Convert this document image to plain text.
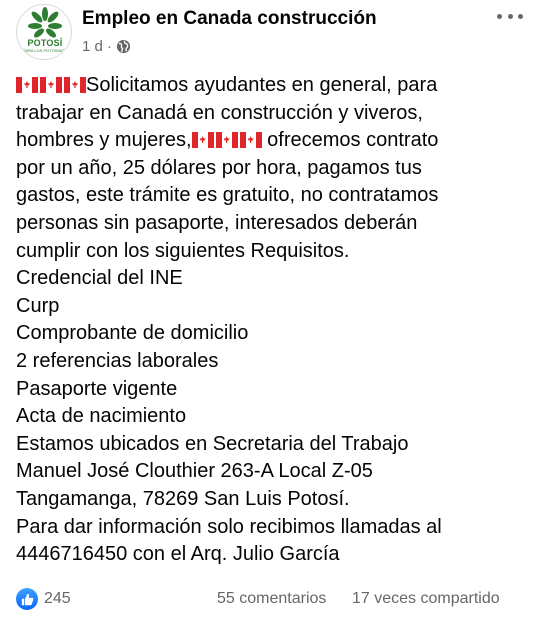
POTOSÍ
PARA LOS POTOSINOS
Empleo en Canada construcción
1 d ·

Solicitamos ayudantes en general, para

trabajar en Canadá en construcción y viveros,

hombres y mujeres,	ofrecemos contrato

por un año, 25 dólares por hora, pagamos tus

gastos, este trámite es gratuito, no contratamos

personas sin pasaporte, interesados deberán

cumplir con los siguientes Requisitos.

Credencial del INE

Curp

Comprobante de domicilio

2 referencias laborales

Pasaporte vigente

Acta de nacimiento

Estamos ubicados en Secretaria del Trabajo

Manuel José Clouthier 263-A Local Z-05

Tangamanga, 78269 San Luis Potosí.

Para dar información solo recibimos llamadas al

4446716450 con el Arq. Julio García

245	55 comentarios 17 veces compartido
